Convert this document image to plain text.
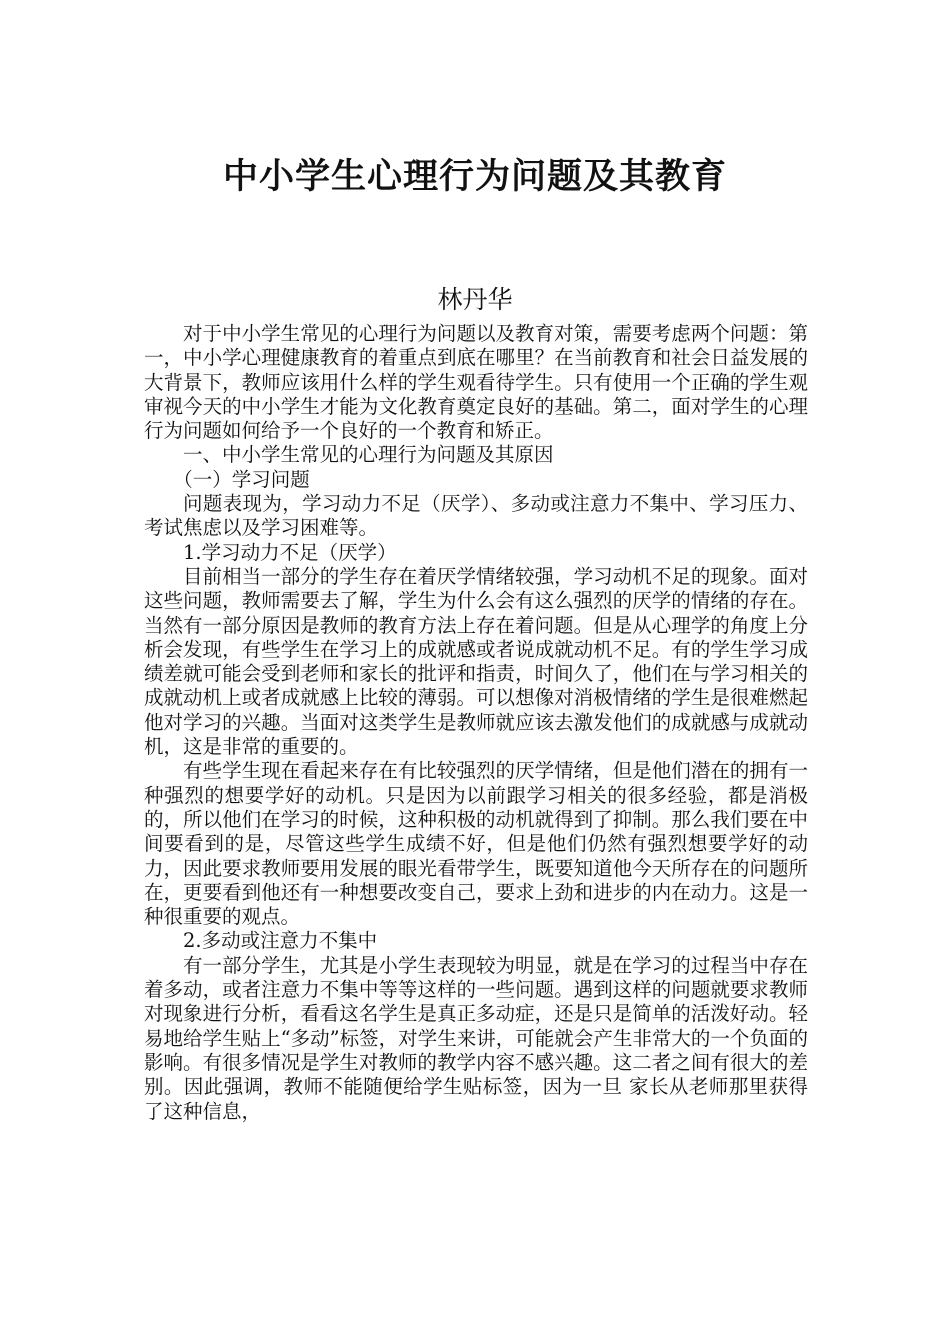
中小学生心理行为问题及其教育
林丹华

对于中小学生常见的心理行为问题以及教育对策，需要考虑两个问题：第一，中小学心理健康教育的着重点到底在哪里？在当前教育和社会日益发展的大背景下，教师应该用什么样的学生观看待学生。只有使用一个正确的学生观审视今天的中小学生才能为文化教育奠定良好的基础。第二，面对学生的心理行为问题如何给予一个良好的一个教育和矫正。

一、中小学生常见的心理行为问题及其原因

（一）学习问题

问题表现为，学习动力不足（厌学）、多动或注意力不集中、学习压力、考试焦虑以及学习困难等。

1.学习动力不足（厌学）

目前相当一部分的学生存在着厌学情绪较强，学习动机不足的现象。面对这些问题，教师需要去了解，学生为什么会有这么强烈的厌学的情绪的存在。当然有一部分原因是教师的教育方法上存在着问题。但是从心理学的角度上分析会发现，有些学生在学习上的成就感或者说成就动机不足。有的学生学习成绩差就可能会受到老师和家长的批评和指责，时间久了，他们在与学习相关的成就动机上或者成就感上比较的薄弱。可以想像对消极情绪的学生是很难燃起他对学习的兴趣。当面对这类学生是教师就应该去激发他们的成就感与成就动机，这是非常的重要的。

有些学生现在看起来存在有比较强烈的厌学情绪，但是他们潜在的拥有一种强烈的想要学好的动机。只是因为以前跟学习相关的很多经验，都是消极的，所以他们在学习的时候，这种积极的动机就得到了抑制。那么我们要在中间要看到的是，尽管这些学生成绩不好，但是他们仍然有强烈想要学好的动力，因此要求教师要用发展的眼光看带学生，既要知道他今天所存在的问题所在，更要看到他还有一种想要改变自己，要求上劲和进步的内在动力。这是一种很重要的观点。

2.多动或注意力不集中

有一部分学生，尤其是小学生表现较为明显，就是在学习的过程当中存在着多动，或者注意力不集中等等这样的一些问题。遇到这样的问题就要求教师对现象进行分析，看看这名学生是真正多动症，还是只是简单的活泼好动。轻易地给学生贴上“多动”标签，对学生来讲，可能就会产生非常大的一个负面的影响。有很多情况是学生对教师的教学内容不感兴趣。这二者之间有很大的差别。因此强调，教师不能随便给学生贴标签，因为一旦 家长从老师那里获得了这种信息，
